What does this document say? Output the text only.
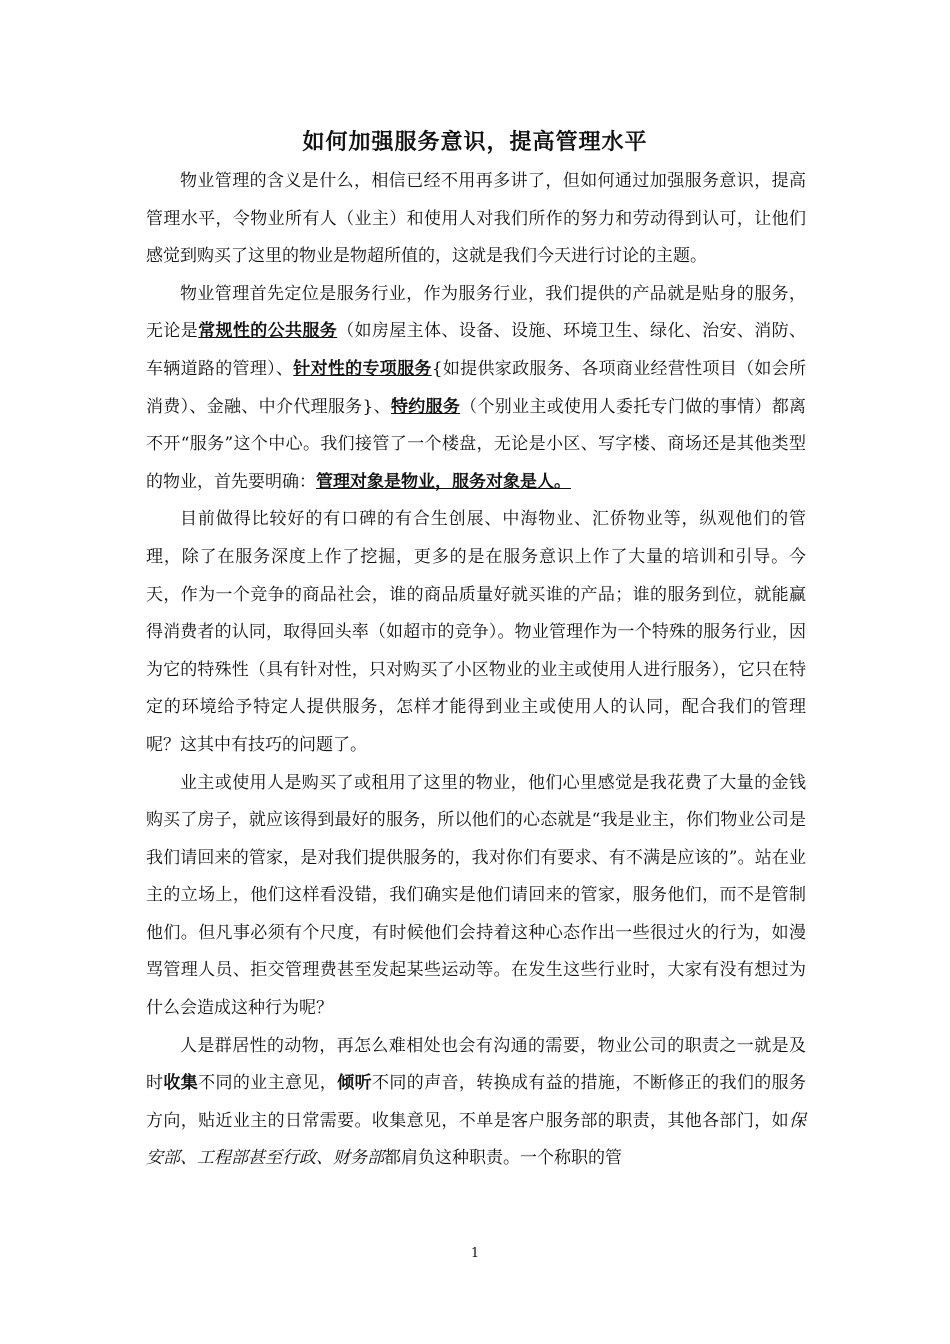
如何加强服务意识，提高管理水平

物业管理的含义是什么，相信已经不用再多讲了，但如何通过加强服务意识，提高管理水平，令物业所有人（业主）和使用人对我们所作的努力和劳动得到认可，让他们感觉到购买了这里的物业是物超所值的，这就是我们今天进行讨论的主题。

物业管理首先定位是服务行业，作为服务行业，我们提供的产品就是贴身的服务，无论是常规性的公共服务（如房屋主体、设备、设施、环境卫生、绿化、治安、消防、车辆道路的管理）、针对性的专项服务{如提供家政服务、各项商业经营性项目（如会所消费）、金融、中介代理服务}、特约服务（个别业主或使用人委托专门做的事情）都离不开“服务”这个中心。我们接管了一个楼盘，无论是小区、写字楼、商场还是其他类型的物业，首先要明确：管理对象是物业，服务对象是人。

目前做得比较好的有口碑的有合生创展、中海物业、汇侨物业等，纵观他们的管理，除了在服务深度上作了挖掘，更多的是在服务意识上作了大量的培训和引导。今天，作为一个竞争的商品社会，谁的商品质量好就买谁的产品；谁的服务到位，就能赢得消费者的认同，取得回头率（如超市的竞争）。物业管理作为一个特殊的服务行业，因为它的特殊性（具有针对性，只对购买了小区物业的业主或使用人进行服务），它只在特定的环境给予特定人提供服务，怎样才能得到业主或使用人的认同，配合我们的管理呢？这其中有技巧的问题了。

业主或使用人是购买了或租用了这里的物业，他们心里感觉是我花费了大量的金钱购买了房子，就应该得到最好的服务，所以他们的心态就是“我是业主，你们物业公司是我们请回来的管家，是对我们提供服务的，我对你们有要求、有不满是应该的”。站在业主的立场上，他们这样看没错，我们确实是他们请回来的管家，服务他们，而不是管制他们。但凡事必须有个尺度，有时候他们会持着这种心态作出一些很过火的行为，如漫骂管理人员、拒交管理费甚至发起某些运动等。在发生这些行业时，大家有没有想过为什么会造成这种行为呢？

人是群居性的动物，再怎么难相处也会有沟通的需要，物业公司的职责之一就是及时收集不同的业主意见，倾听不同的声音，转换成有益的措施，不断修正的我们的服务方向，贴近业主的日常需要。收集意见，不单是客户服务部的职责，其他各部门，如保安部、工程部甚至行政、财务部都肩负这种职责。一个称职的管

1
